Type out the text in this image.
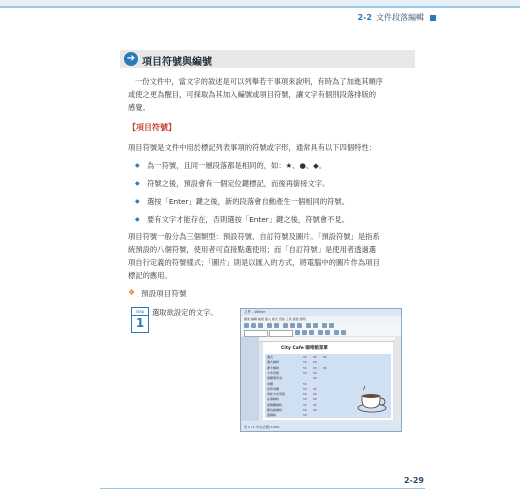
2-2 文件段落編輯
➔ 項目符號與編號
一份文件中，當文字的敘述是可以列舉若干事項來說明，有時為了加進其順序
或使之更為醒目，可採取為其加入編號或項目符號，讓文字有個別段落排版的
感覺。
【項目符號】
項目符號是文件中用於標記列表事項的符號或字形，通常具有以下四個特性：
◆	為一符號，且同一層段落都是相同的，如：★、●、◆。
◆	符號之後，預設會有一個定位鍵標記，而後再銜接文字。
◆	選按「Enter」鍵之後，新的段落會自動產生一個相同的符號。
◆	要有文字才能存在，否則選按「Enter」鍵之後，符號會不見。
項目符號一般分為三個類型：預設符號、自訂符號及圖片。「預設符號」是指系
統預設的八個符號，使用者可直接點選使用；而「自訂符號」是使用者透過選
項自行定義的符號樣式；「圖片」則是以匯入的方式，將電腦中的圖片作為項目
標記的應用。
❖ 預設項目符號
step
1
選取欲設定的文字。	文件 - Writer
檔案 編輯 檢視 插入 格式 表格 工具 視窗 說明
City Cafe 咖啡館菜單
義式	58 68 88
義式咖啡	58 68
摩卡咖啡	58 68 88
卡布奇諾	58 68
焦糖瑪奇朵	68
拿鐵	58
香草拿鐵	58 68
肉桂卡布奇諾	58 68
冰滴咖啡	58 68
愛爾蘭咖啡	58 68
維也納咖啡	58 68
黑咖啡	58
頁 1 / 1 中文(台灣) 100%
2-29
